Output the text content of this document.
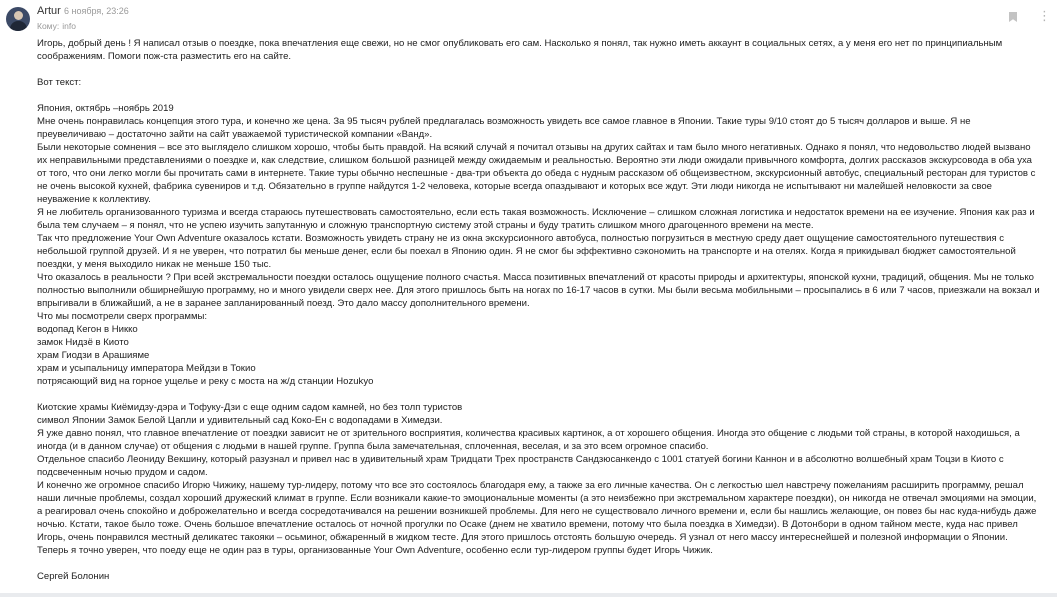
Artur 6 ноября, 23:26
Кому: info
⋮

Игорь, добрый день ! Я написал отзыв о поездке, пока впечатления еще свежи, но не смог опубликовать его сам. Насколько я понял, так нужно иметь аккаунт в социальных сетях, а у меня его нет по принципиальным соображениям. Помоги пож-ста разместить его на сайте.

Вот текст:

Япония, октябрь –ноябрь 2019

Мне очень понравилась концепция этого тура, и конечно же цена. За 95 тысяч рублей предлагалась возможность увидеть все самое главное в Японии. Такие туры 9/10 стоят до 5 тысяч долларов и выше. Я не преувеличиваю – достаточно зайти на сайт уважаемой туристической компании «Ванд».

Были некоторые сомнения – все это выглядело слишком хорошо, чтобы быть правдой. На всякий случай я почитал отзывы на других сайтах и там было много негативных. Однако я понял, что недовольство людей вызвано их неправильными представлениями о поездке и, как следствие, слишком большой разницей между ожидаемым и реальностью. Вероятно эти люди ожидали привычного комфорта, долгих рассказов экскурсовода в оба уха от того, что они легко могли бы прочитать сами в интернете. Такие туры обычно неспешные - два-три объекта до обеда с нудным рассказом об общеизвестном, экскурсионный автобус, специальный ресторан для туристов с не очень высокой кухней, фабрика сувениров и т.д. Обязательно в группе найдутся 1-2 человека, которые всегда опаздывают и которых все ждут. Эти люди никогда не испытывают ни малейшей неловкости за свое неуважение к коллективу.

Я не любитель организованного туризма и всегда стараюсь путешествовать самостоятельно, если есть такая возможность. Исключение – слишком сложная логистика и недостаток времени на ее изучение. Япония как раз и была тем случаем – я понял, что не успею изучить запутанную и сложную транспортную систему этой страны и буду тратить слишком много драгоценного времени на месте.

Так что предложение Your Own Adventure оказалось кстати. Возможность увидеть страну не из окна экскурсионного автобуса, полностью погрузиться в местную среду дает ощущение самостоятельного путешествия с небольшой группой друзей. И я не уверен, что потратил бы меньше денег, если бы поехал в Японию один. Я не смог бы эффективно сэкономить на транспорте и на отелях. Когда я прикидывал бюджет самостоятельной поездки, у меня выходило никак не меньше 150 тыс.

Что оказалось в реальности ? При всей экстремальности поездки осталось ощущение полного счастья. Масса позитивных впечатлений от красоты природы и архитектуры, японской кухни, традиций, общения. Мы не только полностью выполнили обширнейшую программу, но и много увидели сверх нее. Для этого пришлось быть на ногах по 16-17 часов в сутки. Мы были весьма мобильными – просыпались в 6 или 7 часов, приезжали на вокзал и впрыгивали в ближайший, а не в заранее запланированный поезд. Это дало массу дополнительного времени.

Что мы посмотрели сверх программы:

водопад Кегон в Никко

замок Нидзё в Киото

храм Гиодзи в Арашияме

храм и усыпальницу императора Мейдзи в Токио

потрясающий вид на горное ущелье и реку с моста на ж/д станции Hozukyo

Киотские храмы Киёмидзу-дэра и Тофуку-Дзи с еще одним садом камней, но без толп туристов

символ Японии Замок Белой Цапли и удивительный сад Коко-Ен с водопадами в Химедзи.

Я уже давно понял, что главное впечатление от поездки зависит не от зрительного восприятия, количества красивых картинок, а от хорошего общения. Иногда это общение с людьми той страны, в которой находишься, а иногда (и в данном случае) от общения с людьми в нашей группе. Группа была замечательная, сплоченная, веселая, и за это всем огромное спасибо.

Отдельное спасибо Леониду Векшину, который разузнал и привел нас в удивительный храм Тридцати Трех пространств Сандзюсанкендо с 1001 статуей богини Каннон и в абсолютно волшебный храм Тоцзи в Киото с подсвеченным ночью прудом и садом.

И конечно же огромное спасибо Игорю Чижику, нашему тур-лидеру, потому что все это состоялось благодаря ему, а также за его личные качества. Он с легкостью шел навстречу пожеланиям расширить программу, решал наши личные проблемы, создал хороший дружеский климат в группе. Если возникали какие-то эмоциональные моменты (а это неизбежно при экстремальном характере поездки), он никогда не отвечал эмоциями на эмоции, а реагировал очень спокойно и доброжелательно и всегда сосредотачивался на решении возникшей проблемы. Для него не существовало личного времени и, если бы нашлись желающие, он повез бы нас куда-нибудь даже ночью. Кстати, такое было тоже. Очень большое впечатление осталось от ночной прогулки по Осаке (днем не хватило времени, потому что была поездка в Химедзи). В Дотонбори в одном тайном месте, куда нас привел Игорь, очень понравился местный деликатес такояки – осьминог, обжаренный в жидком тесте. Для этого пришлось отстоять большую очередь. Я узнал от него массу интереснейшей и полезной информации о Японии.

Теперь я точно уверен, что поеду еще не один раз в туры, организованные Your Own Adventure, особенно если тур-лидером группы будет Игорь Чижик.

Сергей Болонин
